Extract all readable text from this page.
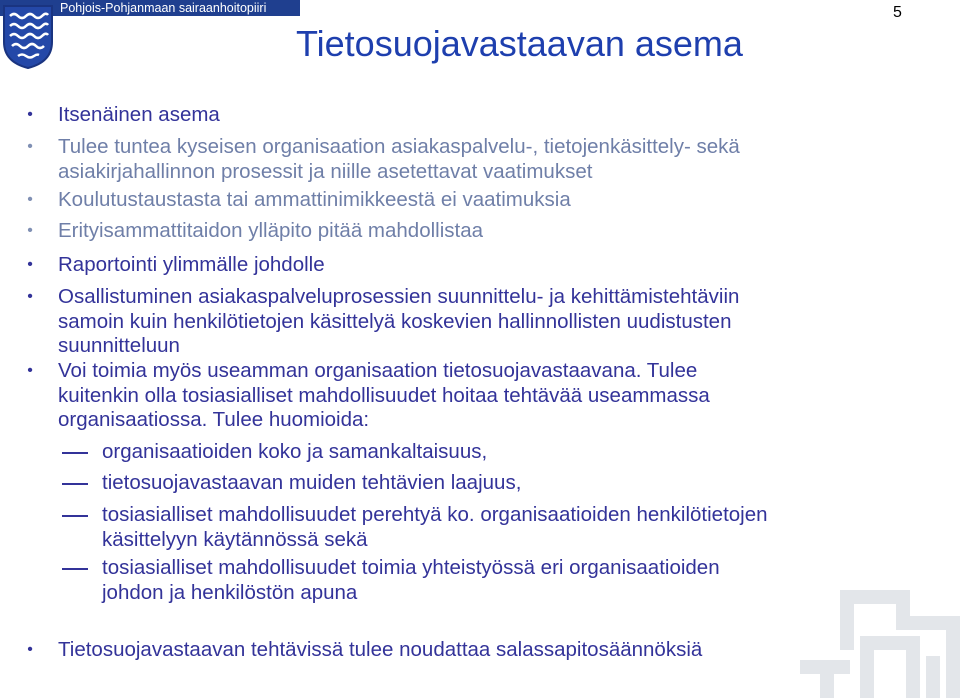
Pohjois-Pohjanmaan sairaanhoitopiiri	5
Tietosuojavastaavan asema
•	Itsenäinen asema
•	Tulee tuntea kyseisen organisaation asiakaspalvelu-, tietojenkäsittely- sekä
asiakirjahallinnon prosessit ja niille asetettavat vaatimukset
•	Koulutustaustasta tai ammattinimikkeestä ei vaatimuksia
•	Erityisammattitaidon ylläpito pitää mahdollistaa
•	Raportointi ylimmälle johdolle
•	Osallistuminen asiakaspalveluprosessien suunnittelu- ja kehittämistehtäviin
samoin kuin henkilötietojen käsittelyä koskevien hallinnollisten uudistusten
suunnitteluun
•	Voi toimia myös useamman organisaation tietosuojavastaavana. Tulee
kuitenkin olla tosiasialliset mahdollisuudet hoitaa tehtävää useammassa
organisaatiossa. Tulee huomioida:
organisaatioiden koko ja samankaltaisuus,
tietosuojavastaavan muiden tehtävien laajuus,
tosiasialliset mahdollisuudet perehtyä ko. organisaatioiden henkilötietojen
käsittelyyn käytännössä sekä
tosiasialliset mahdollisuudet toimia yhteistyössä eri organisaatioiden
johdon ja henkilöstön apuna
•	Tietosuojavastaavan tehtävissä tulee noudattaa salassapitosäännöksiä
